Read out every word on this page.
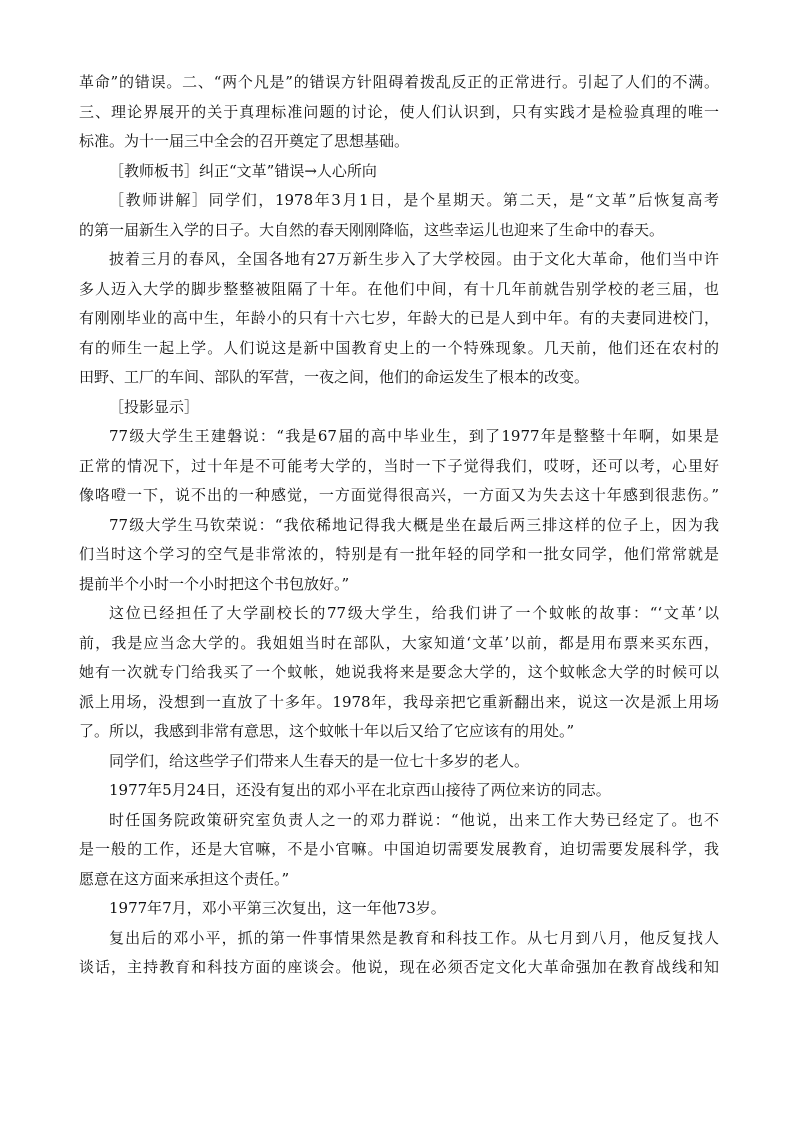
革命”的错误。二、“两个凡是”的错误方针阻碍着拨乱反正的正常进行。引起了人们的不满。
三、理论界展开的关于真理标准问题的讨论，使人们认识到，只有实践才是检验真理的唯一
标准。为十一届三中全会的召开奠定了思想基础。
［教师板书］纠正“文革”错误→人心所向
［教师讲解］同学们，1978年3月1日，是个星期天。第二天，是“文革”后恢复高考
的第一届新生入学的日子。大自然的春天刚刚降临，这些幸运儿也迎来了生命中的春天。
披着三月的春风，全国各地有27万新生步入了大学校园。由于文化大革命，他们当中许
多人迈入大学的脚步整整被阻隔了十年。在他们中间，有十几年前就告别学校的老三届，也
有刚刚毕业的高中生，年龄小的只有十六七岁，年龄大的已是人到中年。有的夫妻同进校门，
有的师生一起上学。人们说这是新中国教育史上的一个特殊现象。几天前，他们还在农村的
田野、工厂的车间、部队的军营，一夜之间，他们的命运发生了根本的改变。
［投影显示］
77级大学生王建磐说：“我是67届的高中毕业生，到了1977年是整整十年啊，如果是
正常的情况下，过十年是不可能考大学的，当时一下子觉得我们，哎呀，还可以考，心里好
像咯噔一下，说不出的一种感觉，一方面觉得很高兴，一方面又为失去这十年感到很悲伤。”
77级大学生马钦荣说：“我依稀地记得我大概是坐在最后两三排这样的位子上，因为我
们当时这个学习的空气是非常浓的，特别是有一批年轻的同学和一批女同学，他们常常就是
提前半个小时一个小时把这个书包放好。”
这位已经担任了大学副校长的77级大学生，给我们讲了一个蚊帐的故事：“‘文革’以
前，我是应当念大学的。我姐姐当时在部队，大家知道‘文革’以前，都是用布票来买东西，
她有一次就专门给我买了一个蚊帐，她说我将来是要念大学的，这个蚊帐念大学的时候可以
派上用场，没想到一直放了十多年。1978年，我母亲把它重新翻出来，说这一次是派上用场
了。所以，我感到非常有意思，这个蚊帐十年以后又给了它应该有的用处。”
同学们，给这些学子们带来人生春天的是一位七十多岁的老人。
1977年5月24日，还没有复出的邓小平在北京西山接待了两位来访的同志。
时任国务院政策研究室负责人之一的邓力群说：“他说，出来工作大势已经定了。也不
是一般的工作，还是大官嘛，不是小官嘛。中国迫切需要发展教育，迫切需要发展科学，我
愿意在这方面来承担这个责任。”
1977年7月，邓小平第三次复出，这一年他73岁。
复出后的邓小平，抓的第一件事情果然是教育和科技工作。从七月到八月，他反复找人
谈话，主持教育和科技方面的座谈会。他说，现在必须否定文化大革命强加在教育战线和知
